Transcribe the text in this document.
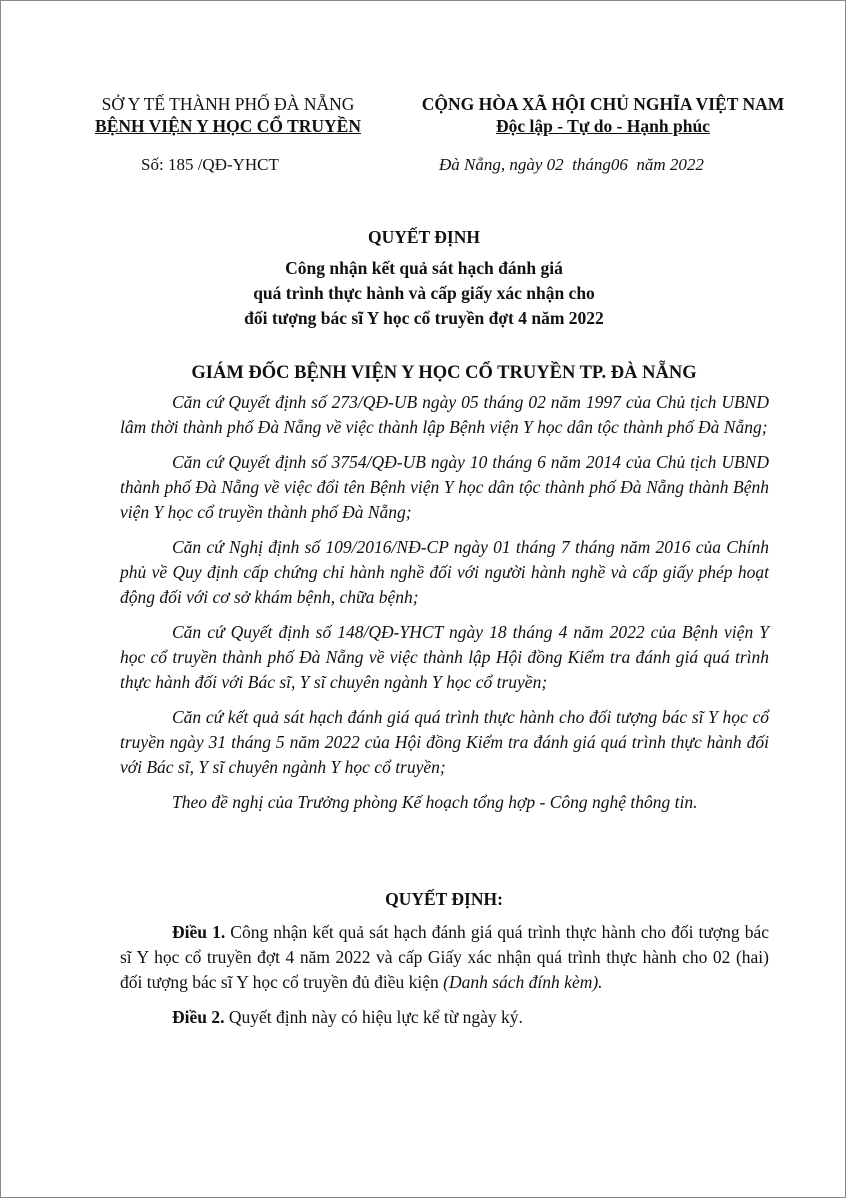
SỞ Y TẾ THÀNH PHỐ ĐÀ NẴNG
BỆNH VIỆN Y HỌC CỔ TRUYỀN
CỘNG HÒA XÃ HỘI CHỦ NGHĨA VIỆT NAM
Độc lập - Tự do - Hạnh phúc
Số: 185 /QĐ-YHCT	Đà Nẵng, ngày 02  tháng06  năm 2022
QUYẾT ĐỊNH
Công nhận kết quả sát hạch đánh giá
quá trình thực hành và cấp giấy xác nhận cho
đối tượng bác sĩ Y học cổ truyền đợt 4 năm 2022
GIÁM ĐỐC BỆNH VIỆN Y HỌC CỔ TRUYỀN TP. ĐÀ NẴNG

Căn cứ Quyết định số 273/QĐ-UB ngày 05 tháng 02 năm 1997 của Chủ tịch UBND lâm thời thành phố Đà Nẵng về việc thành lập Bệnh viện Y học dân tộc thành phố Đà Nẵng;

Căn cứ Quyết định số 3754/QĐ-UB ngày 10 tháng 6 năm 2014 của Chủ tịch UBND thành phố Đà Nẵng về việc đổi tên Bệnh viện Y học dân tộc thành phố Đà Nẵng thành Bệnh viện Y học cổ truyền thành phố Đà Nẵng;

Căn cứ Nghị định số 109/2016/NĐ-CP ngày 01 tháng 7 tháng năm 2016 của Chính phủ về Quy định cấp chứng chỉ hành nghề đối với người hành nghề và cấp giấy phép hoạt động đối với cơ sở khám bệnh, chữa bệnh;

Căn cứ Quyết định số 148/QĐ-YHCT ngày 18 tháng 4 năm 2022 của Bệnh viện Y học cổ truyền thành phố Đà Nẵng về việc thành lập Hội đồng Kiểm tra đánh giá quá trình thực hành đối với Bác sĩ, Y sĩ chuyên ngành Y học cổ truyền;

Căn cứ kết quả sát hạch đánh giá quá trình thực hành cho đối tượng bác sĩ Y học cổ truyền ngày 31 tháng 5 năm 2022 của Hội đồng Kiểm tra đánh giá quá trình thực hành đối với Bác sĩ, Y sĩ chuyên ngành Y học cổ truyền;

Theo đề nghị của Trưởng phòng Kế hoạch tổng hợp - Công nghệ thông tin.

QUYẾT ĐỊNH:

Điều 1. Công nhận kết quả sát hạch đánh giá quá trình thực hành cho đối tượng bác sĩ Y học cổ truyền đợt 4 năm 2022 và cấp Giấy xác nhận quá trình thực hành cho 02 (hai) đối tượng bác sĩ Y học cổ truyền đủ điều kiện (Danh sách đính kèm).

Điều 2. Quyết định này có hiệu lực kể từ ngày ký.
